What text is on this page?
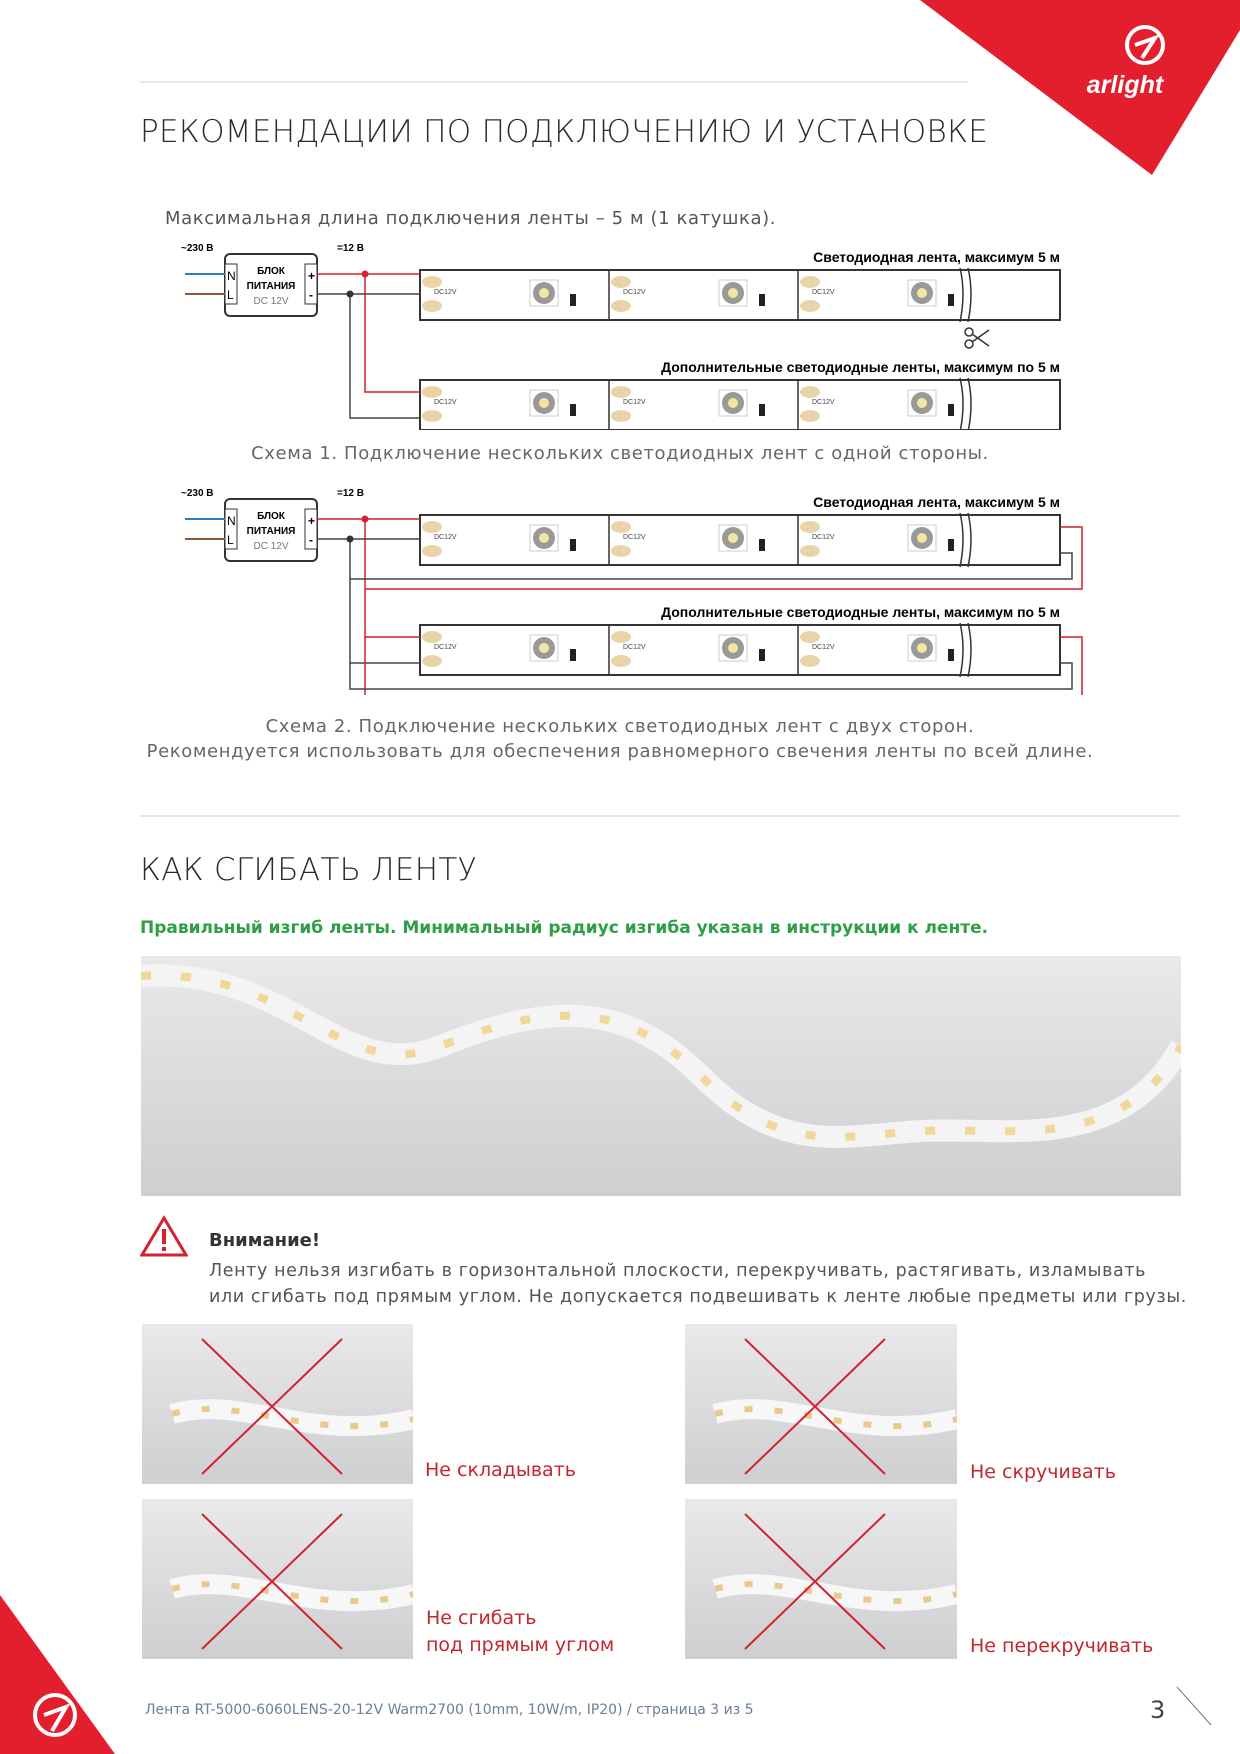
arlight
РЕКОМЕНДАЦИИ ПО ПОДКЛЮЧЕНИЮ И УСТАНОВКЕ
Максимальная длина подключения ленты – 5 м (1 катушка).
N
L
+
-
БЛОК
ПИТАНИЯ
DC 12V
~230 В	=12 В
DC12V	DC12V	DC12V
DC12V	DC12V	DC12V
Светодиодная лента, максимум 5 м
Дополнительные светодиодные ленты, максимум по 5 м
Схема 1. Подключение нескольких светодиодных лент с одной стороны.
N
L
+
-
БЛОК
ПИТАНИЯ
DC 12V
~230 В	=12 В
DC12V	DC12V	DC12V
DC12V	DC12V	DC12V
Светодиодная лента, максимум 5 м
Дополнительные светодиодные ленты, максимум по 5 м
Схема 2. Подключение нескольких светодиодных лент с двух сторон.
Рекомендуется использовать для обеспечения равномерного свечения ленты по всей длине.
КАК СГИБАТЬ ЛЕНТУ
Правильный изгиб ленты. Минимальный радиус изгиба указан в инструкции к ленте.
Внимание!
Ленту нельзя изгибать в горизонтальной плоскости, перекручивать, растягивать, изламывать
или сгибать под прямым углом. Не допускается подвешивать к ленте любые предметы или грузы.
Не складывать	Не скручивать
Не сгибать
под прямым углом	Не перекручивать
Лента RT-5000-6060LENS-20-12V Warm2700 (10mm, 10W/m, IP20) / страница 3 из 5	3
